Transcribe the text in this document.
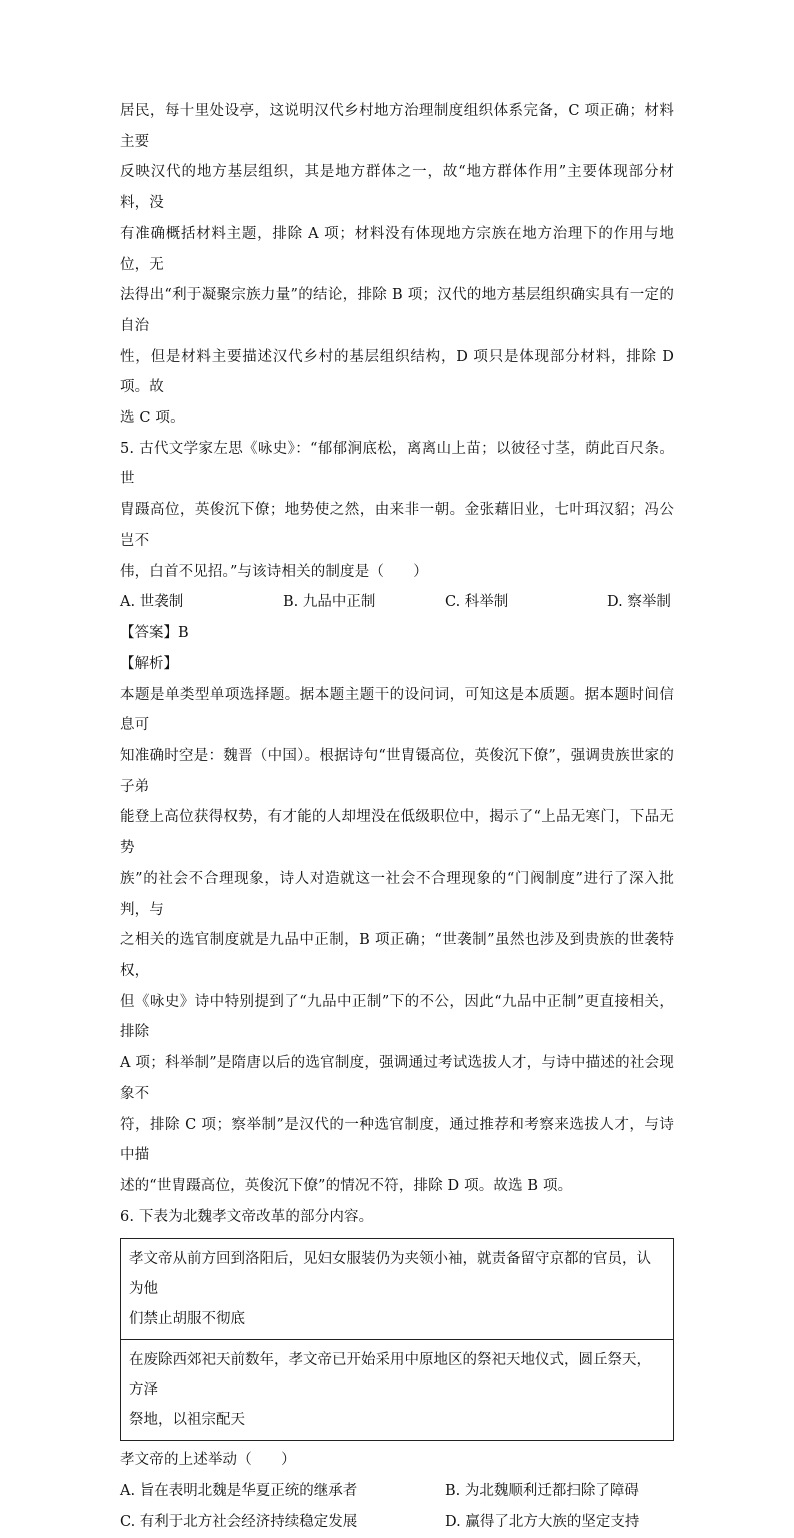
居民，每十里处设亭，这说明汉代乡村地方治理制度组织体系完备，C 项正确；材料主要

反映汉代的地方基层组织，其是地方群体之一，故“地方群体作用”主要体现部分材料，没

有准确概括材料主题，排除 A 项；材料没有体现地方宗族在地方治理下的作用与地位，无

法得出“利于凝聚宗族力量”的结论，排除 B 项；汉代的地方基层组织确实具有一定的自治

性，但是材料主要描述汉代乡村的基层组织结构，D 项只是体现部分材料，排除 D 项。故

选 C 项。

5. 古代文学家左思《咏史》：“郁郁涧底松，离离山上苗；以彼径寸茎，荫此百尺条。世

胄蹑高位，英俊沉下僚；地势使之然，由来非一朝。金张藉旧业，七叶珥汉貂；冯公岂不

伟，白首不见招。”与该诗相关的制度是（　　）

A. 世袭制	B. 九品中正制	C. 科举制	D. 察举制

【答案】B

【解析】

本题是单类型单项选择题。据本题主题干的设问词，可知这是本质题。据本题时间信息可

知准确时空是：魏晋（中国）。根据诗句“世胄镊高位，英俊沉下僚”，强调贵族世家的子弟

能登上高位获得权势，有才能的人却埋没在低级职位中，揭示了“上品无寒门，下品无势

族”的社会不合理现象，诗人对造就这一社会不合理现象的“门阀制度”进行了深入批判，与

之相关的选官制度就是九品中正制，B 项正确；“世袭制”虽然也涉及到贵族的世袭特权，

但《咏史》诗中特别提到了“九品中正制”下的不公，因此“九品中正制”更直接相关，排除

A 项；科举制”是隋唐以后的选官制度，强调通过考试选拔人才，与诗中描述的社会现象不

符，排除 C 项；察举制”是汉代的一种选官制度，通过推荐和考察来选拔人才，与诗中描

述的“世胄蹑高位，英俊沉下僚”的情况不符，排除 D 项。故选 B 项。

6. 下表为北魏孝文帝改革的部分内容。

孝文帝从前方回到洛阳后，见妇女服装仍为夹领小袖，就责备留守京都的官员，认为他
们禁止胡服不彻底
在废除西郊祀天前数年，孝文帝已开始采用中原地区的祭祀天地仪式，圆丘祭天，方泽
祭地，以祖宗配天

孝文帝的上述举动（　　）

A. 旨在表明北魏是华夏正统的继承者	B. 为北魏顺利迁都扫除了障碍
C. 有利于北方社会经济持续稳定发展	D. 赢得了北方大族的坚定支持
